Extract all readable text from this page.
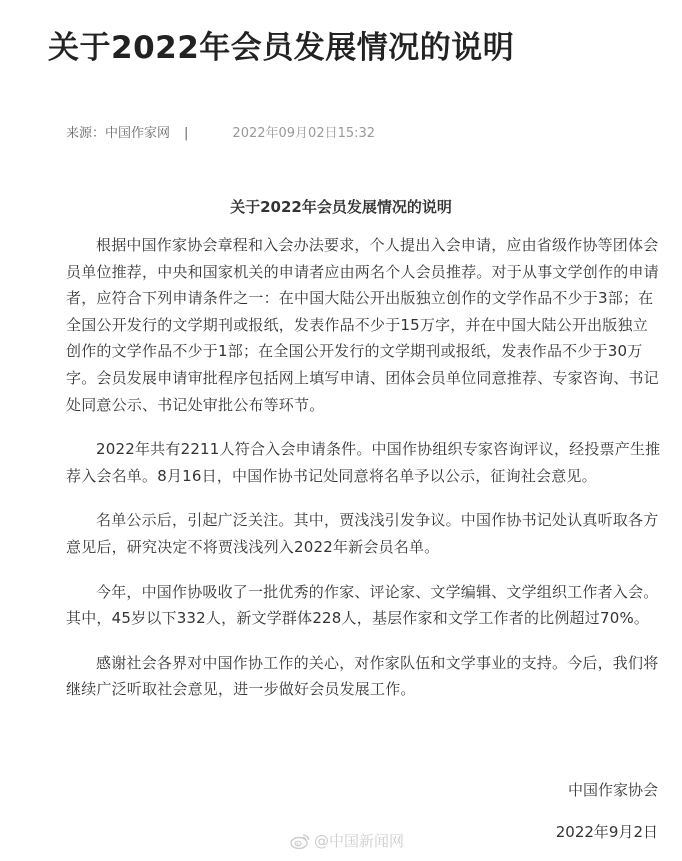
关于2022年会员发展情况的说明
来源：中国作家网 |	2022年09月02日15:32
关于2022年会员发展情况的说明

根据中国作家协会章程和入会办法要求，个人提出入会申请，应由省级作协等团体会员单位推荐，中央和国家机关的申请者应由两名个人会员推荐。对于从事文学创作的申请者，应符合下列申请条件之一：在中国大陆公开出版独立创作的文学作品不少于3部；在全国公开发行的文学期刊或报纸，发表作品不少于15万字，并在中国大陆公开出版独立创作的文学作品不少于1部；在全国公开发行的文学期刊或报纸，发表作品不少于30万字。会员发展申请审批程序包括网上填写申请、团体会员单位同意推荐、专家咨询、书记处同意公示、书记处审批公布等环节。

2022年共有2211人符合入会申请条件。中国作协组织专家咨询评议，经投票产生推荐入会名单。8月16日，中国作协书记处同意将名单予以公示，征询社会意见。

名单公示后，引起广泛关注。其中，贾浅浅引发争议。中国作协书记处认真听取各方意见后，研究决定不将贾浅浅列入2022年新会员名单。

今年，中国作协吸收了一批优秀的作家、评论家、文学编辑、文学组织工作者入会。其中，45岁以下332人，新文学群体228人，基层作家和文学工作者的比例超过70%。

感谢社会各界对中国作协工作的关心，对作家队伍和文学事业的支持。今后，我们将继续广泛听取社会意见，进一步做好会员发展工作。

中国作家协会
@中国新闻网	2022年9月2日
